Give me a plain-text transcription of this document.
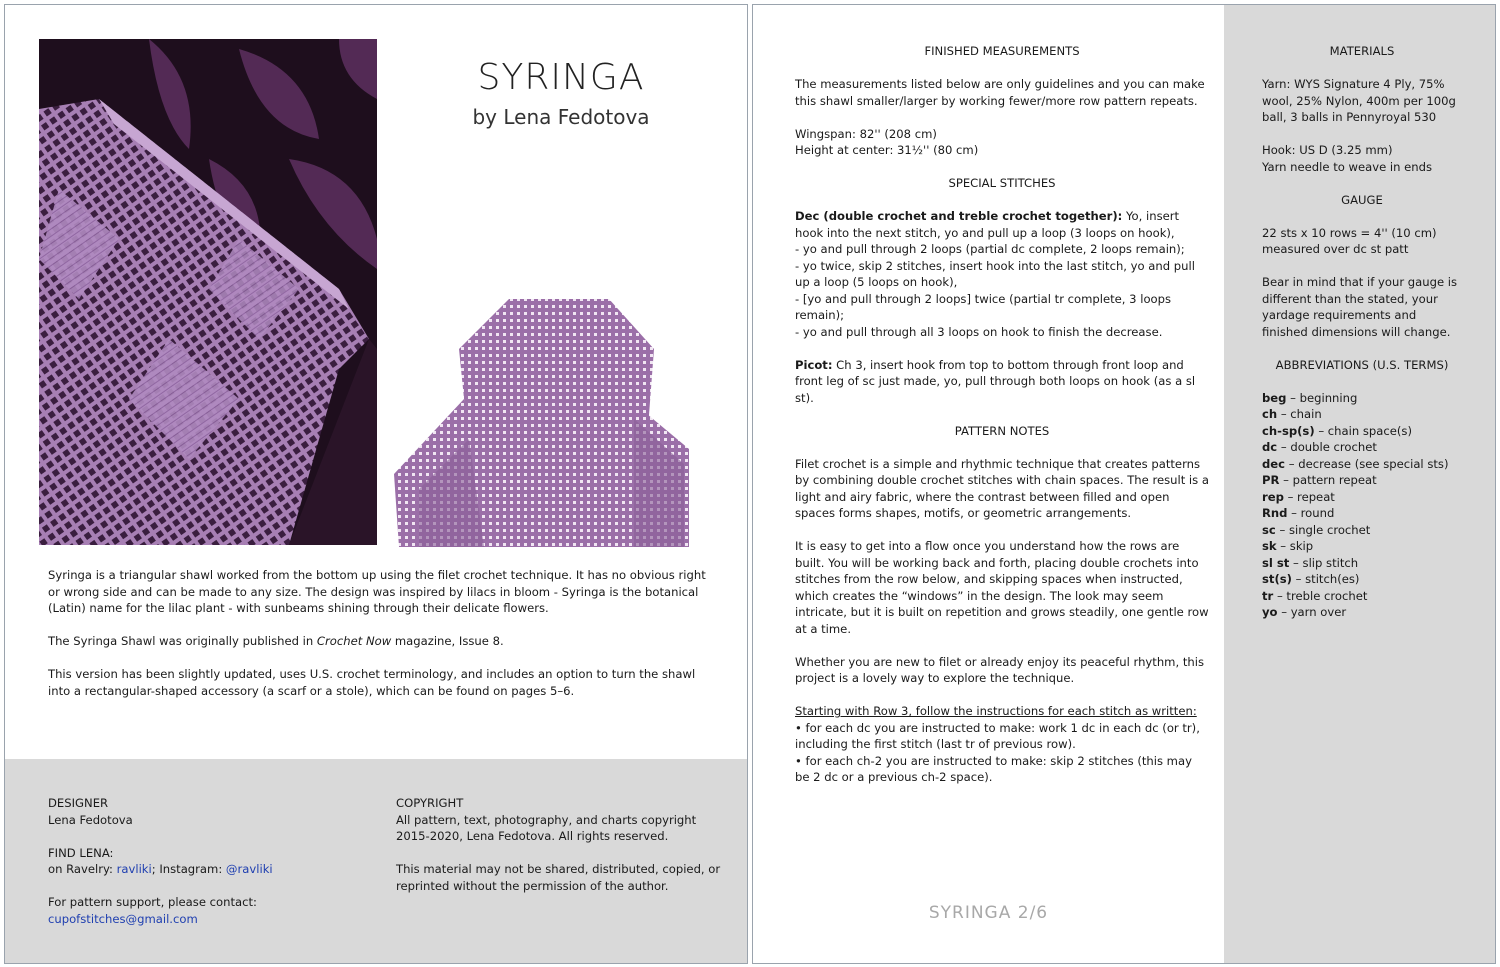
SYRINGA
by Lena Fedotova

Syringa is a triangular shawl worked from the bottom up using the filet crochet technique. It has no obvious right or wrong side and can be made to any size. The design was inspired by lilacs in bloom - Syringa is the botanical (Latin) name for the lilac plant - with sunbeams shining through their delicate flowers.

The Syringa Shawl was originally published in Crochet Now magazine, Issue 8.

This version has been slightly updated, uses U.S. crochet terminology, and includes an option to turn the shawl into a rectangular-shaped accessory (a scarf or a stole), which can be found on pages 5–6.

DESIGNER

Lena Fedotova

FIND LENA:

on Ravelry: ravliki; Instagram: @ravliki

For pattern support, please contact:

cupofstitches@gmail.com

COPYRIGHT

All pattern, text, photography, and charts copyright
2015-2020, Lena Fedotova. All rights reserved.

This material may not be shared, distributed, copied, or
reprinted without the permission of the author.

FINISHED MEASUREMENTS

The measurements listed below are only guidelines and you can make this shawl smaller/larger by working fewer/more row pattern repeats.

Wingspan: 82'' (208 cm)

Height at center: 31½'' (80 cm)

SPECIAL STITCHES

Dec (double crochet and treble crochet together): Yo, insert hook into the next stitch, yo and pull up a loop (3 loops on hook),

- yo and pull through 2 loops (partial dc complete, 2 loops remain);

- yo twice, skip 2 stitches, insert hook into the last stitch, yo and pull up a loop (5 loops on hook),

- [yo and pull through 2 loops] twice (partial tr complete, 3 loops remain);

- yo and pull through all 3 loops on hook to finish the decrease.

Picot: Ch 3, insert hook from top to bottom through front loop and front leg of sc just made, yo, pull through both loops on hook (as a sl st).

PATTERN NOTES

Filet crochet is a simple and rhythmic technique that creates patterns by combining double crochet stitches with chain spaces. The result is a light and airy fabric, where the contrast between filled and open spaces forms shapes, motifs, or geometric arrangements.

It is easy to get into a flow once you understand how the rows are built. You will be working back and forth, placing double crochets into stitches from the row below, and skipping spaces when instructed, which creates the “windows” in the design. The look may seem intricate, but it is built on repetition and grows steadily, one gentle row at a time.

Whether you are new to filet or already enjoy its peaceful rhythm, this project is a lovely way to explore the technique.

Starting with Row 3, follow the instructions for each stitch as written:

• for each dc you are instructed to make: work 1 dc in each dc (or tr), including the first stitch (last tr of previous row).

• for each ch-2 you are instructed to make: skip 2 stitches (this may be 2 dc or a previous ch-2 space).

SYRINGA 2/6

MATERIALS

Yarn: WYS Signature 4 Ply, 75% wool, 25% Nylon, 400m per 100g ball, 3 balls in Pennyroyal 530

Hook: US D (3.25 mm)

Yarn needle to weave in ends

GAUGE

22 sts x 10 rows = 4'' (10 cm) measured over dc st patt

Bear in mind that if your gauge is different than the stated, your yardage requirements and finished dimensions will change.

ABBREVIATIONS (U.S. TERMS)

beg – beginning

ch – chain

ch-sp(s) – chain space(s)

dc – double crochet

dec – decrease (see special sts)

PR – pattern repeat

rep – repeat

Rnd – round

sc – single crochet

sk – skip

sl st – slip stitch

st(s) – stitch(es)

tr – treble crochet

yo – yarn over
